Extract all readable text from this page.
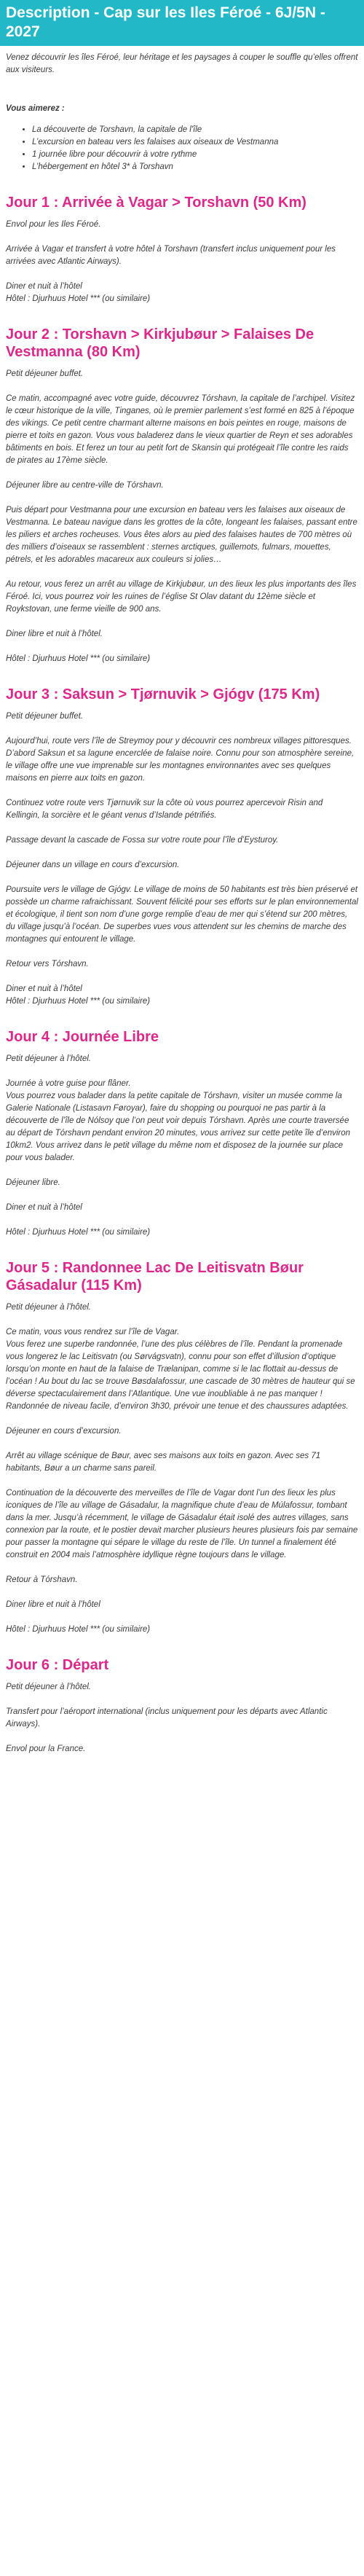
Description - Cap sur les Iles Féroé - 6J/5N - 2027

Venez découvrir les îles Féroé, leur héritage et les paysages à couper le souffle qu’elles offrent aux visiteurs.

Vous aimerez :

• La découverte de Torshavn, la capitale de l'île
• L’excursion en bateau vers les falaises aux oiseaux de Vestmanna
• 1 journée libre pour découvrir à votre rythme
• L’hébergement en hôtel 3* à Torshavn
Jour 1 : Arrivée à Vagar > Torshavn (50 Km)

Envol pour les Iles Féroé.

Arrivée à Vagar et transfert à votre hôtel à Torshavn (transfert inclus uniquement pour les arrivées avec Atlantic Airways).

Diner et nuit à l’hôtel
Hôtel : Djurhuus Hotel *** (ou similaire)

Jour 2 : Torshavn > Kirkjubøur > Falaises De Vestmanna (80 Km)

Petit déjeuner buffet.

Ce matin, accompagné avec votre guide, découvrez Tórshavn, la capitale de l’archipel. Visitez le cœur historique de la ville, Tinganes, où le premier parlement s’est formé en 825 à l’époque des vikings. Ce petit centre charmant alterne maisons en bois peintes en rouge, maisons de pierre et toits en gazon. Vous vous baladerez dans le vieux quartier de Reyn et ses adorables bâtiments en bois. Et ferez un tour au petit fort de Skansin qui protégeait l’île contre les raids de pirates au 17ème siècle.

Déjeuner libre au centre-ville de Tórshavn.

Puis départ pour Vestmanna pour une excursion en bateau vers les falaises aux oiseaux de Vestmanna. Le bateau navigue dans les grottes de la côte, longeant les falaises, passant entre les piliers et arches rocheuses. Vous êtes alors au pied des falaises hautes de 700 mètres où des milliers d’oiseaux se rassemblent : sternes arctiques, guillemots, fulmars, mouettes, pétrels, et les adorables macareux aux couleurs si jolies…

Au retour, vous ferez un arrêt au village de Kirkjubøur, un des lieux les plus importants des îles Féroé. Ici, vous pourrez voir les ruines de l’église St Olav datant du 12ème siècle et Roykstovan, une ferme vieille de 900 ans.

Diner libre et nuit à l’hôtel.

Hôtel : Djurhuus Hotel *** (ou similaire)

Jour 3 : Saksun > Tjørnuvik > Gjógv (175 Km)

Petit déjeuner buffet.

Aujourd’hui, route vers l’île de Streymoy pour y découvrir ces nombreux villages pittoresques. D’abord Saksun et sa lagune encerclée de falaise noire. Connu pour son atmosphère sereine, le village offre une vue imprenable sur les montagnes environnantes avec ses quelques maisons en pierre aux toits en gazon.

Continuez votre route vers Tjørnuvik sur la côte où vous pourrez apercevoir Risin and Kellingin, la sorcière et le géant venus d’Islande pétrifiés.

Passage devant la cascade de Fossa sur votre route pour l’île d’Eysturoy.

Déjeuner dans un village en cours d’excursion.

Poursuite vers le village de Gjógv. Le village de moins de 50 habitants est très bien préservé et possède un charme rafraichissant. Souvent félicité pour ses efforts sur le plan environnemental et écologique, il tient son nom d’une gorge remplie d’eau de mer qui s’étend sur 200 mètres, du village jusqu’à l’océan. De superbes vues vous attendent sur les chemins de marche des montagnes qui entourent le village.

Retour vers Tórshavn.

Diner et nuit à l’hôtel
Hôtel : Djurhuus Hotel *** (ou similaire)

Jour 4 : Journée Libre

Petit déjeuner à l’hôtel.

Journée à votre guise pour flâner.
Vous pourrez vous balader dans la petite capitale de Tórshavn, visiter un musée comme la Galerie Nationale (Listasavn Føroyar), faire du shopping ou pourquoi ne pas partir à la découverte de l’île de Nólsoy que l’on peut voir depuis Tórshavn. Après une courte traversée au départ de Tórshavn pendant environ 20 minutes, vous arrivez sur cette petite île d’environ 10km2. Vous arrivez dans le petit village du même nom et disposez de la journée sur place pour vous balader.

Déjeuner libre.

Diner et nuit à l’hôtel

Hôtel : Djurhuus Hotel *** (ou similaire)

Jour 5 : Randonnee Lac De Leitisvatn Bøur Gásadalur (115 Km)

Petit déjeuner à l’hôtel.

Ce matin, vous vous rendrez sur l’île de Vagar.
Vous ferez une superbe randonnée, l’une des plus célèbres de l’île. Pendant la promenade vous longerez le lac Leitisvatn (ou Sørvágsvatn), connu pour son effet d’illusion d’optique lorsqu’on monte en haut de la falaise de Trælanipan, comme si le lac flottait au-dessus de l’océan ! Au bout du lac se trouve Bøsdalafossur, une cascade de 30 mètres de hauteur qui se déverse spectaculairement dans l’Atlantique. Une vue inoubliable à ne pas manquer ! Randonnée de niveau facile, d’environ 3h30, prévoir une tenue et des chaussures adaptées.

Déjeuner en cours d’excursion.

Arrêt au village scénique de Bøur, avec ses maisons aux toits en gazon. Avec ses 71 habitants, Bøur a un charme sans pareil.

Continuation de la découverte des merveilles de l’île de Vagar dont l’un des lieux les plus iconiques de l’île au village de Gásadalur, la magnifique chute d’eau de Múlafossur, tombant dans la mer. Jusqu’à récemment, le village de Gásadalur était isolé des autres villages, sans connexion par la route, et le postier devait marcher plusieurs heures plusieurs fois par semaine pour passer la montagne qui sépare le village du reste de l’île. Un tunnel a finalement été construit en 2004 mais l’atmosphère idyllique règne toujours dans le village.

Retour à Tórshavn.

Diner libre et nuit à l’hôtel

Hôtel : Djurhuus Hotel *** (ou similaire)

Jour 6 : Départ

Petit déjeuner à l’hôtel.

Transfert pour l’aéroport international (inclus uniquement pour les départs avec Atlantic Airways).

Envol pour la France.
